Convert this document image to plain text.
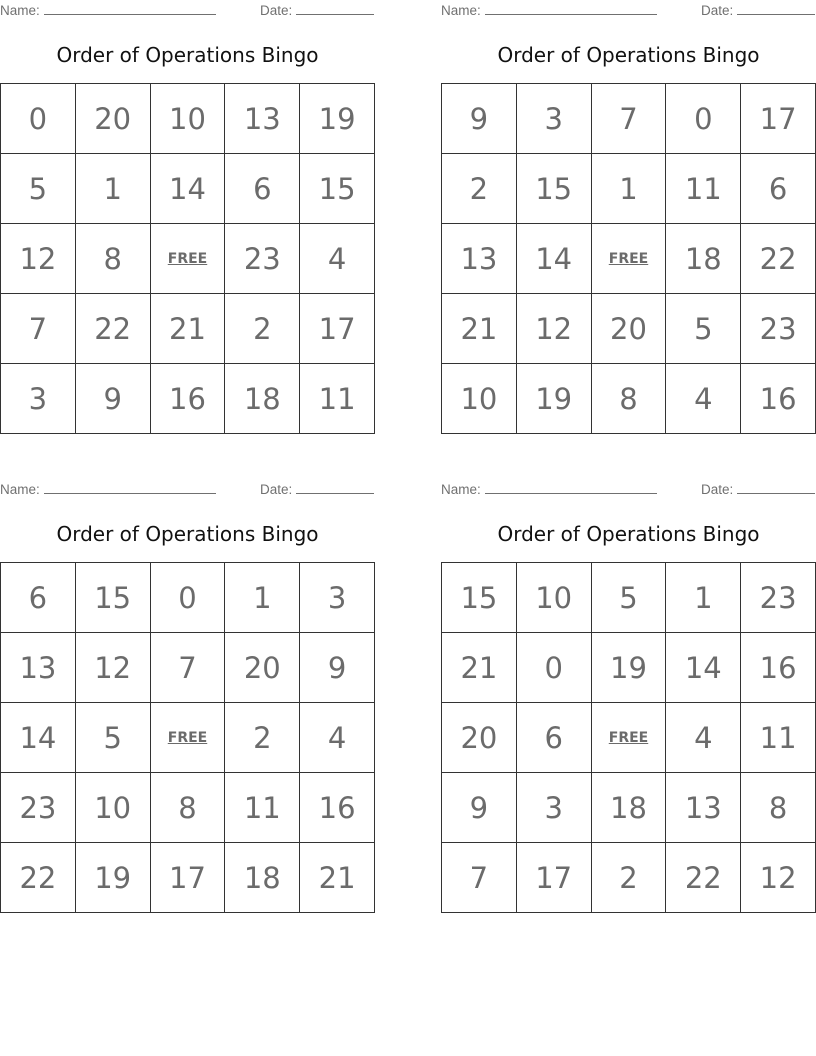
Name:	Date:
Order of Operations Bingo
0	20	10	13	19
5	1	14	6	15
12	8	FREE	23	4
7	22	21	2	17
3	9	16	18	11
Name:	Date:
Order of Operations Bingo
9	3	7	0	17
2	15	1	11	6
13	14	FREE	18	22
21	12	20	5	23
10	19	8	4	16
Name:	Date:
Order of Operations Bingo
6	15	0	1	3
13	12	7	20	9
14	5	FREE	2	4
23	10	8	11	16
22	19	17	18	21
Name:	Date:
Order of Operations Bingo
15	10	5	1	23
21	0	19	14	16
20	6	FREE	4	11
9	3	18	13	8
7	17	2	22	12
